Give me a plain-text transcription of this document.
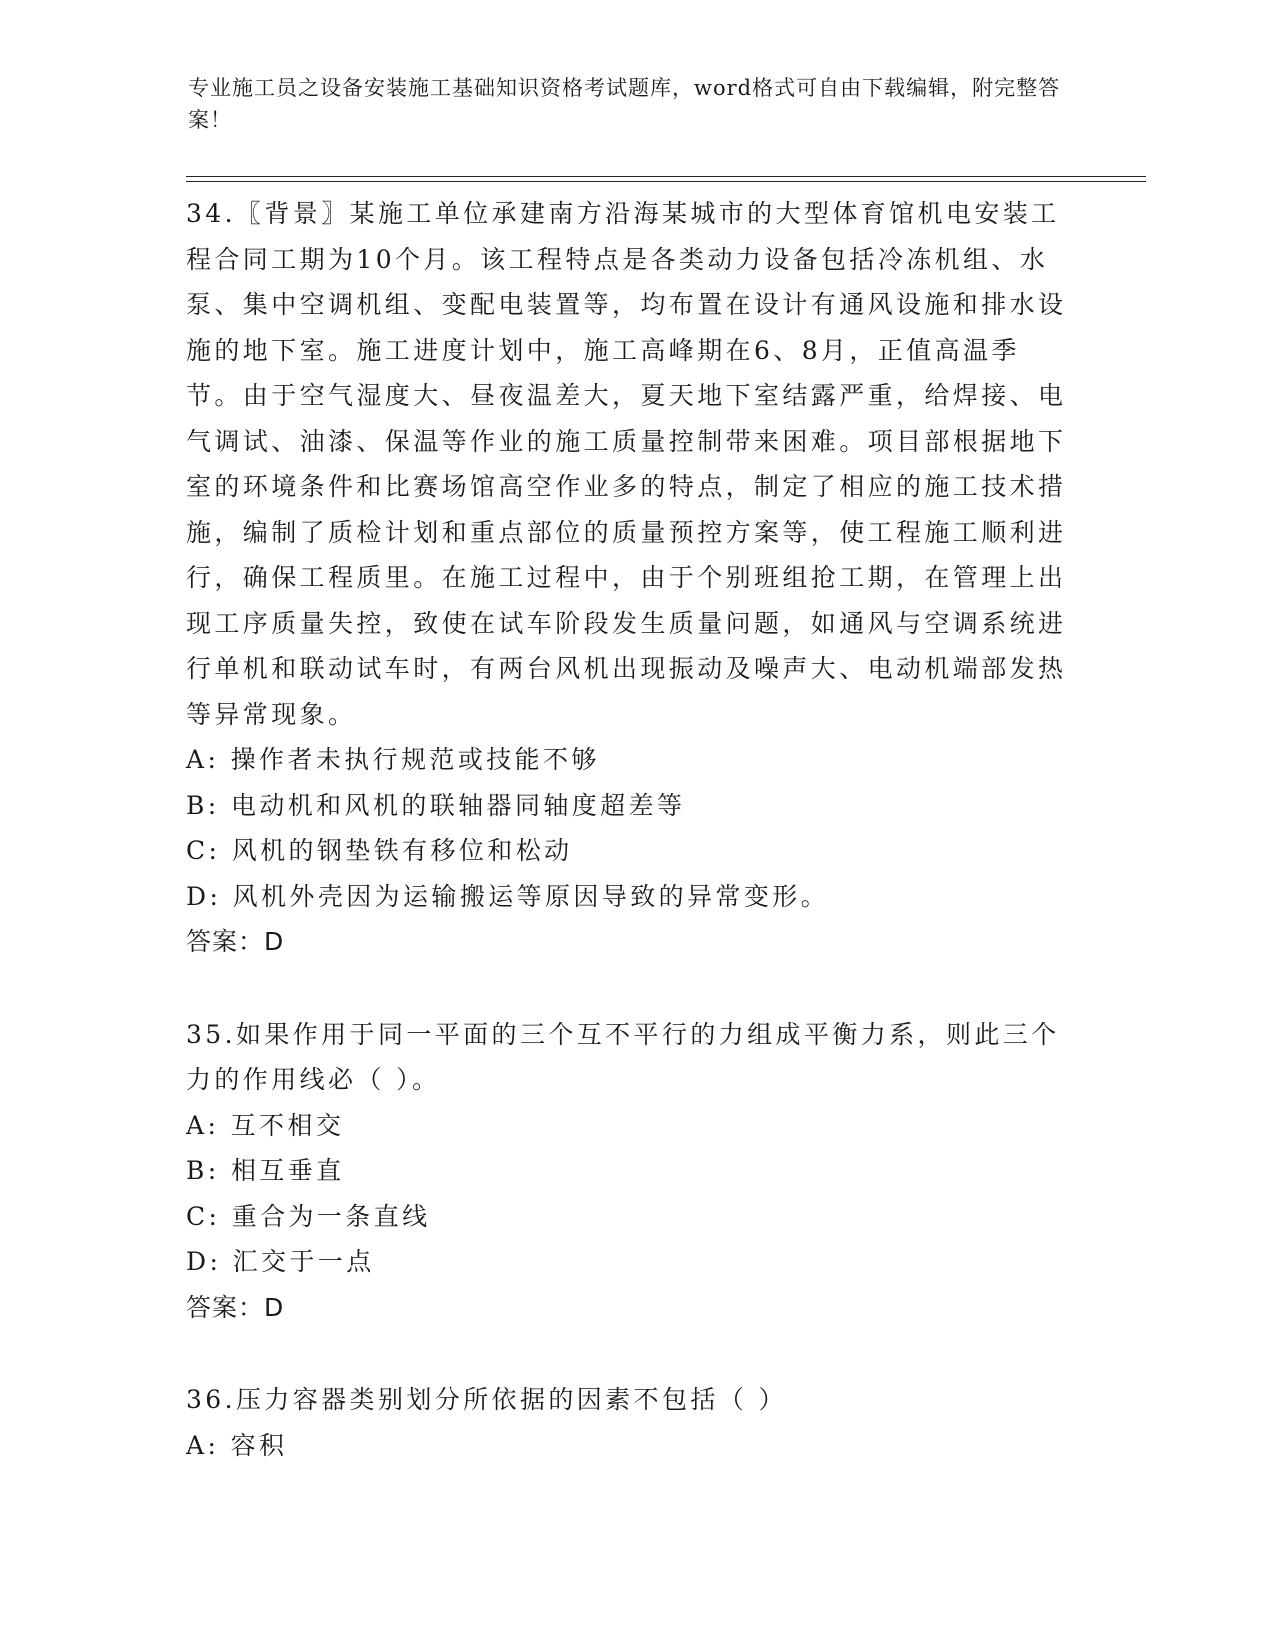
专业施工员之设备安装施工基础知识资格考试题库，word格式可自由下载编辑，附完整答案！
34.〖背景〗某施工单位承建南方沿海某城市的大型体育馆机电安装工程合同工期为10个月。该工程特点是各类动力设备包括冷冻机组、水泵、集中空调机组、变配电装置等，均布置在设计有通风设施和排水设施的地下室。施工进度计划中，施工高峰期在6、8月，正值高温季节。由于空气湿度大、昼夜温差大，夏天地下室结露严重，给焊接、电气调试、油漆、保温等作业的施工质量控制带来困难。项目部根据地下室的环境条件和比赛场馆高空作业多的特点，制定了相应的施工技术措施，编制了质检计划和重点部位的质量预控方案等，使工程施工顺利进行，确保工程质里。在施工过程中，由于个别班组抢工期，在管理上出现工序质量失控，致使在试车阶段发生质量问题，如通风与空调系统进行单机和联动试车时，有两台风机出现振动及噪声大、电动机端部发热等异常现象。
A: 操作者未执行规范或技能不够
B: 电动机和风机的联轴器同轴度超差等
C: 风机的钢垫铁有移位和松动
D: 风机外壳因为运输搬运等原因导致的异常变形。
答案：D
35.如果作用于同一平面的三个互不平行的力组成平衡力系，则此三个力的作用线必（ ）。
A: 互不相交
B: 相互垂直
C: 重合为一条直线
D: 汇交于一点
答案：D
36.压力容器类别划分所依据的因素不包括（ ）
A: 容积
